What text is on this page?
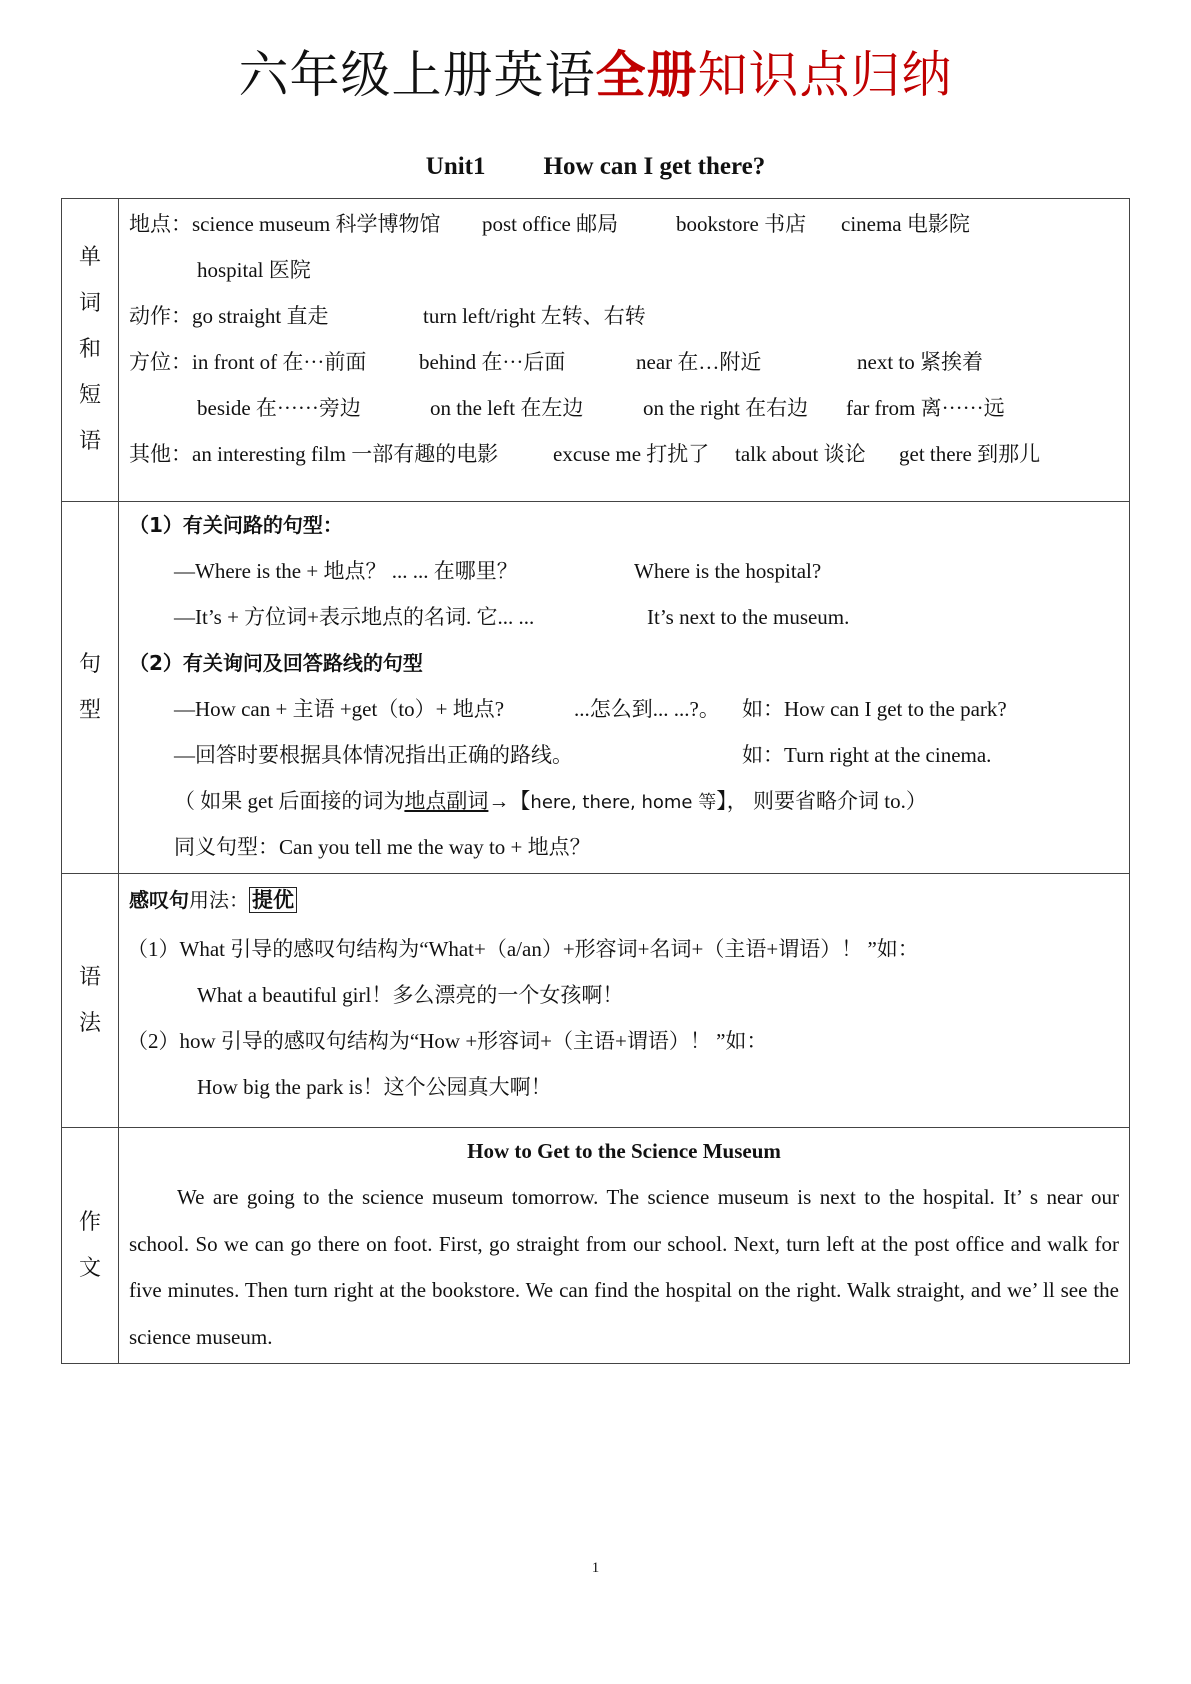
六年级上册英语全册知识点归纳
Unit1 How can I get there?
单
词
和
短
语

地点：science museum 科学博物馆 post office 邮局	bookstore 书店 cinema 电影院
hospital 医院
动作：go straight 直走	turn left/right 左转、右转
方位：in front of 在···前面	behind 在···后面	near 在…附近	next to 紧挨着
beside 在······旁边	on the left 在左边	on the right 在右边 far from 离······远
其他：an interesting film 一部有趣的电影	excuse me 打扰了 talk about 谈论 get there 到那儿

句
型

（1）有关问路的句型：
—Where is the + 地点？ ... ... 在哪里？	Where is the hospital?
—It’s + 方位词+表示地点的名词. 它... ...	It’s next to the museum.
（2）有关询问及回答路线的句型
—How can + 主语 +get（to）+ 地点?	...怎么到... ...?。 如：How can I get to the park?
—回答时要根据具体情况指出正确的路线。	如：Turn right at the cinema.
（ 如果 get 后面接的词为地点副词→【here, there, home 等】， 则要省略介词 to.）
同义句型：Can you tell me the way to + 地点？

语
法

感叹句用法： 提优
（1）What 引导的感叹句结构为“What+（a/an）+形容词+名词+（主语+谓语）！ ”如：
What a beautiful girl！多么漂亮的一个女孩啊！
（2）how 引导的感叹句结构为“How +形容词+（主语+谓语）！ ”如：
How big the park is！这个公园真大啊！

作
文

How to Get to the Science Museum
We are going to the science museum tomorrow. The science museum is next to the hospital. It’ s near our school. So we can go there on foot. First, go straight from our school. Next, turn left at the post office and walk for five minutes. Then turn right at the bookstore. We can find the hospital on the right. Walk straight, and we’ ll see the science museum.
1
